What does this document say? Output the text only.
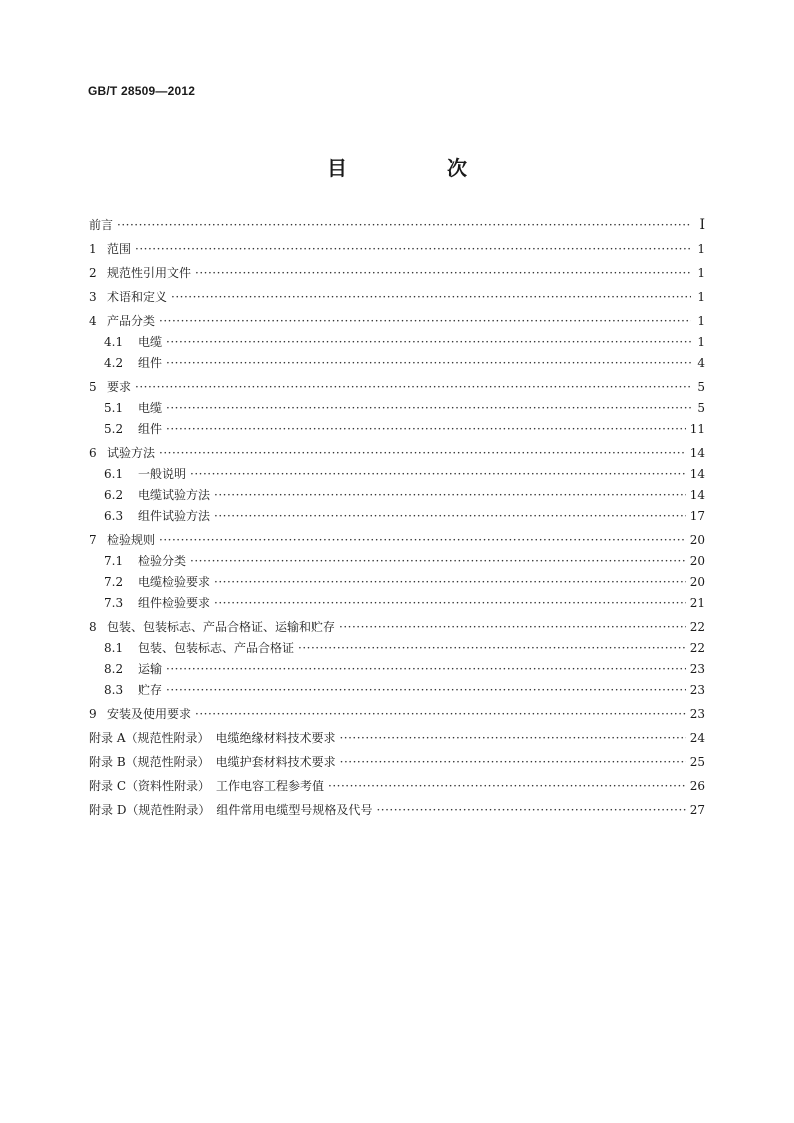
GB/T 28509—2012
目　次
前言 ·····	Ⅰ
1 范围 ·····	1
2 规范性引用文件 ·····	1
3 术语和定义 ·····	1
4 产品分类 ·····	1
4.1	电缆 ·····	1
4.2	组件 ·····	4
5 要求 ·····	5
5.1	电缆 ·····	5
5.2	组件 ·····	11
6 试验方法 ·····	14
6.1	一般说明 ·····	14
6.2	电缆试验方法 ·····	14
6.3	组件试验方法 ·····	17
7 检验规则 ·····	20
7.1	检验分类 ·····	20
7.2	电缆检验要求 ·····	20
7.3	组件检验要求 ·····	21
8 包装、包装标志、产品合格证、运输和贮存 ·····	22
8.1	包装、包装标志、产品合格证 ·····	22
8.2	运输 ·····	23
8.3	贮存 ·····	23
9 安装及使用要求 ·····	23
附录 A（规范性附录）　电缆绝缘材料技术要求 ·····	24
附录 B（规范性附录）　电缆护套材料技术要求 ·····	25
附录 C（资料性附录）　工作电容工程参考值 ·····	26
附录 D（规范性附录）　组件常用电缆型号规格及代号 ·····	27
